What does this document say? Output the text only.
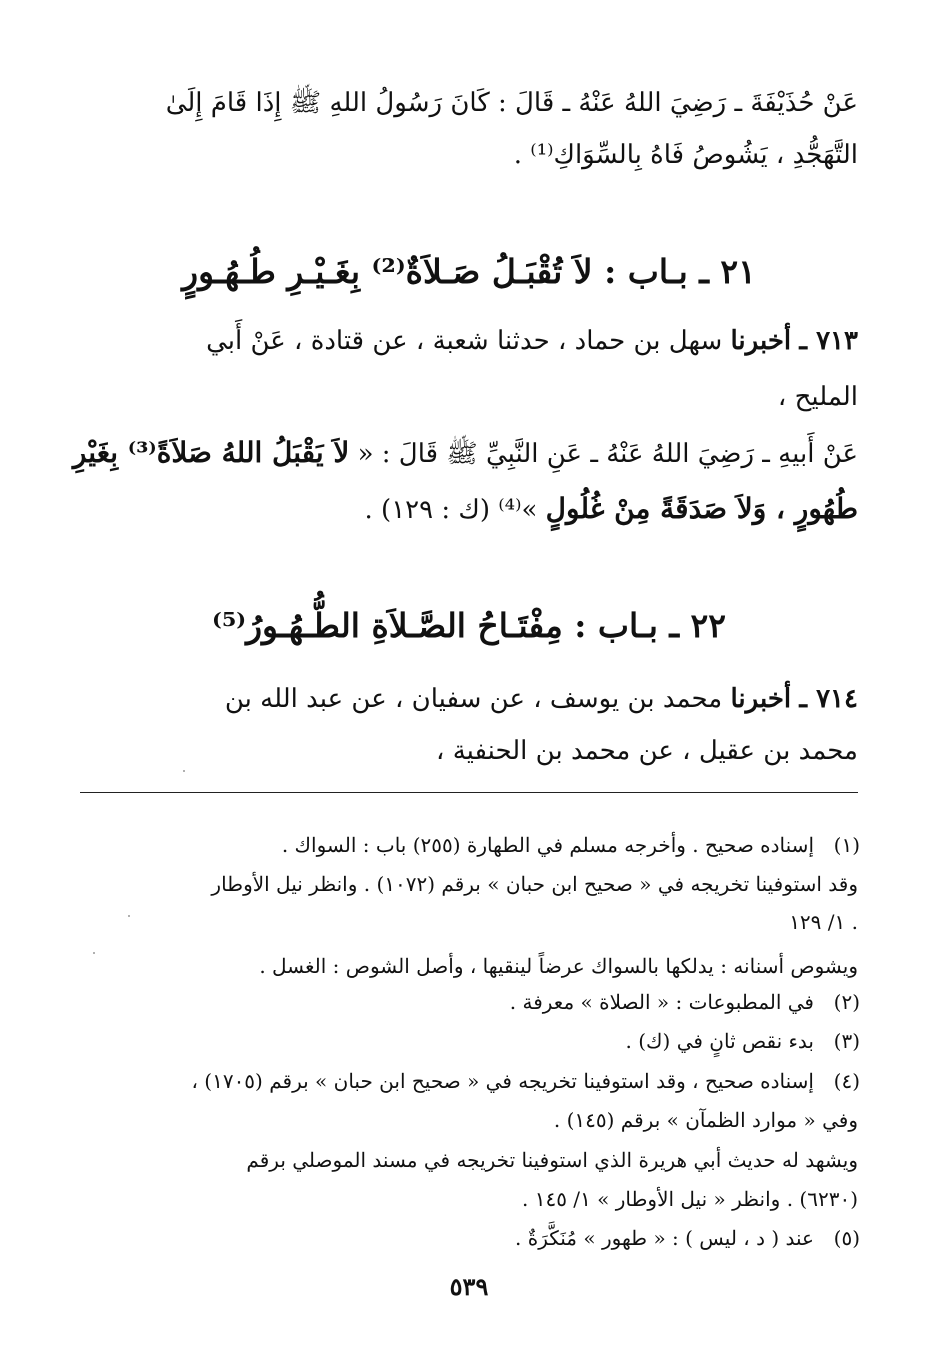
عَنْ حُذَيْفَةَ ـ رَضِيَ اللهُ عَنْهُ ـ قَالَ : كَانَ رَسُولُ اللهِ ﷺ إِذَا قَامَ إِلَىٰ
التَّهَجُّدِ ، يَشُوصُ فَاهُ بِالسِّوَاكِ⁽¹⁾ .
٢١ ـ بـاب : لاَ تُقْبَـلُ صَـلاَةٌ⁽²⁾ بِغَـيْـرِ طُـهُـورٍ
٧١٣ ـ أخبرنا سهل بن حماد ، حدثنا شعبة ، عن قتادة ، عَنْ أَبي
المليح ،
عَنْ أَبيهِ ـ رَضِيَ اللهُ عَنْهُ ـ عَنِ النَّبِيِّ ﷺ قَالَ : « لاَ يَقْبَلُ اللهُ صَلاَةً⁽³⁾ بِغَيْرِ
طُهُورٍ ، وَلاَ صَدَقَةً مِنْ غُلُولٍ »⁽⁴⁾ (ك : ١٢٩) .
٢٢ ـ بـاب : مِفْتَـاحُ الصَّـلاَةِ الطُّـهُـورُ⁽⁵⁾
٧١٤ ـ أخبرنا محمد بن يوسف ، عن سفيان ، عن عبد الله بن
محمد بن عقيل ، عن محمد بن الحنفية ،
(١)
إسناده صحيح . وأخرجه مسلم في الطهارة (٢٥٥) باب : السواك .
وقد استوفينا تخريجه في « صحيح ابن حبان » برقم (١٠٧٢) . وانظر نيل الأوطار
١/ ١٢٩ .
ويشوص أسنانه : يدلكها بالسواك عرضاً لينقيها ، وأصل الشوص : الغسل .
(٢)
في المطبوعات : « الصلاة » معرفة .
(٣)
بدء نقص ثانٍ في (ك) .
(٤)
إسناده صحيح ، وقد استوفينا تخريجه في « صحيح ابن حبان » برقم (١٧٠٥) ،
وفي « موارد الظمآن » برقم (١٤٥) .
ويشهد له حديث أبي هريرة الذي استوفينا تخريجه في مسند الموصلي برقم
(٦٢٣٠) . وانظر « نيل الأوطار » ١/ ١٤٥ .
(٥)
عند ( د ، ليس ) : « طهور » مُنَكَّرَةٌ .
٥٣٩
